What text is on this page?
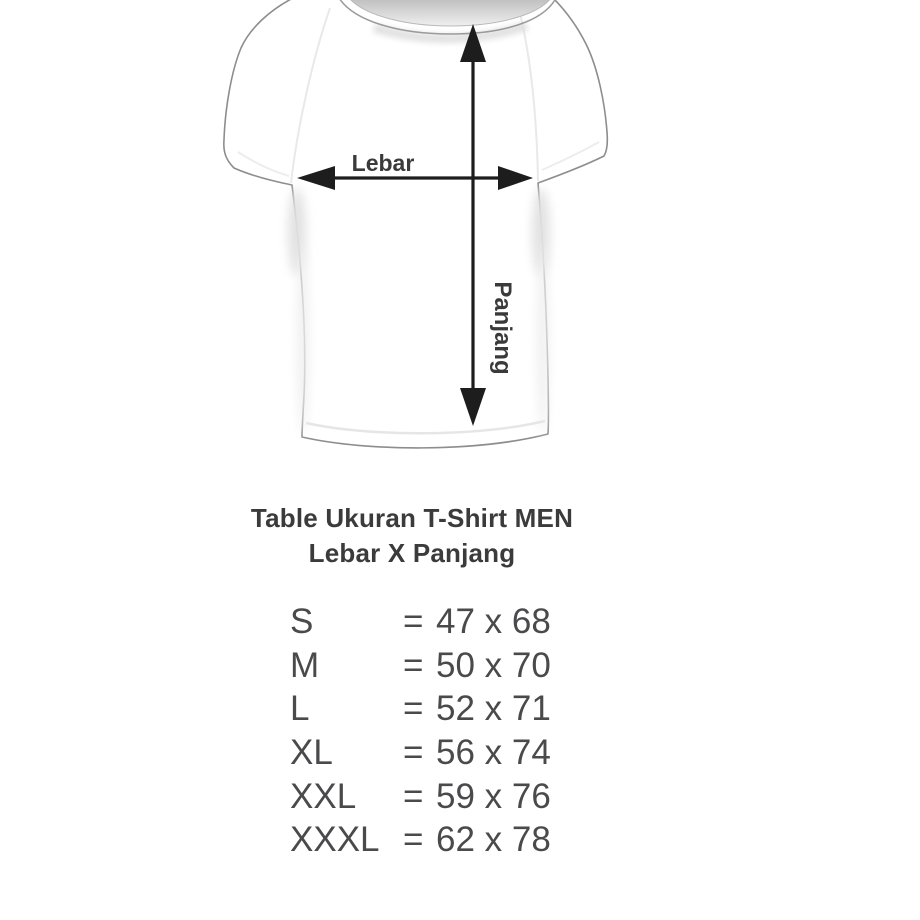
Lebar
Panjang
Table Ukuran T-Shirt MEN
Lebar X Panjang
S	= 47 x 68
M	= 50 x 70
L	= 52 x 71
XL	= 56 x 74
XXL	= 59 x 76
XXXL = 62 x 78
